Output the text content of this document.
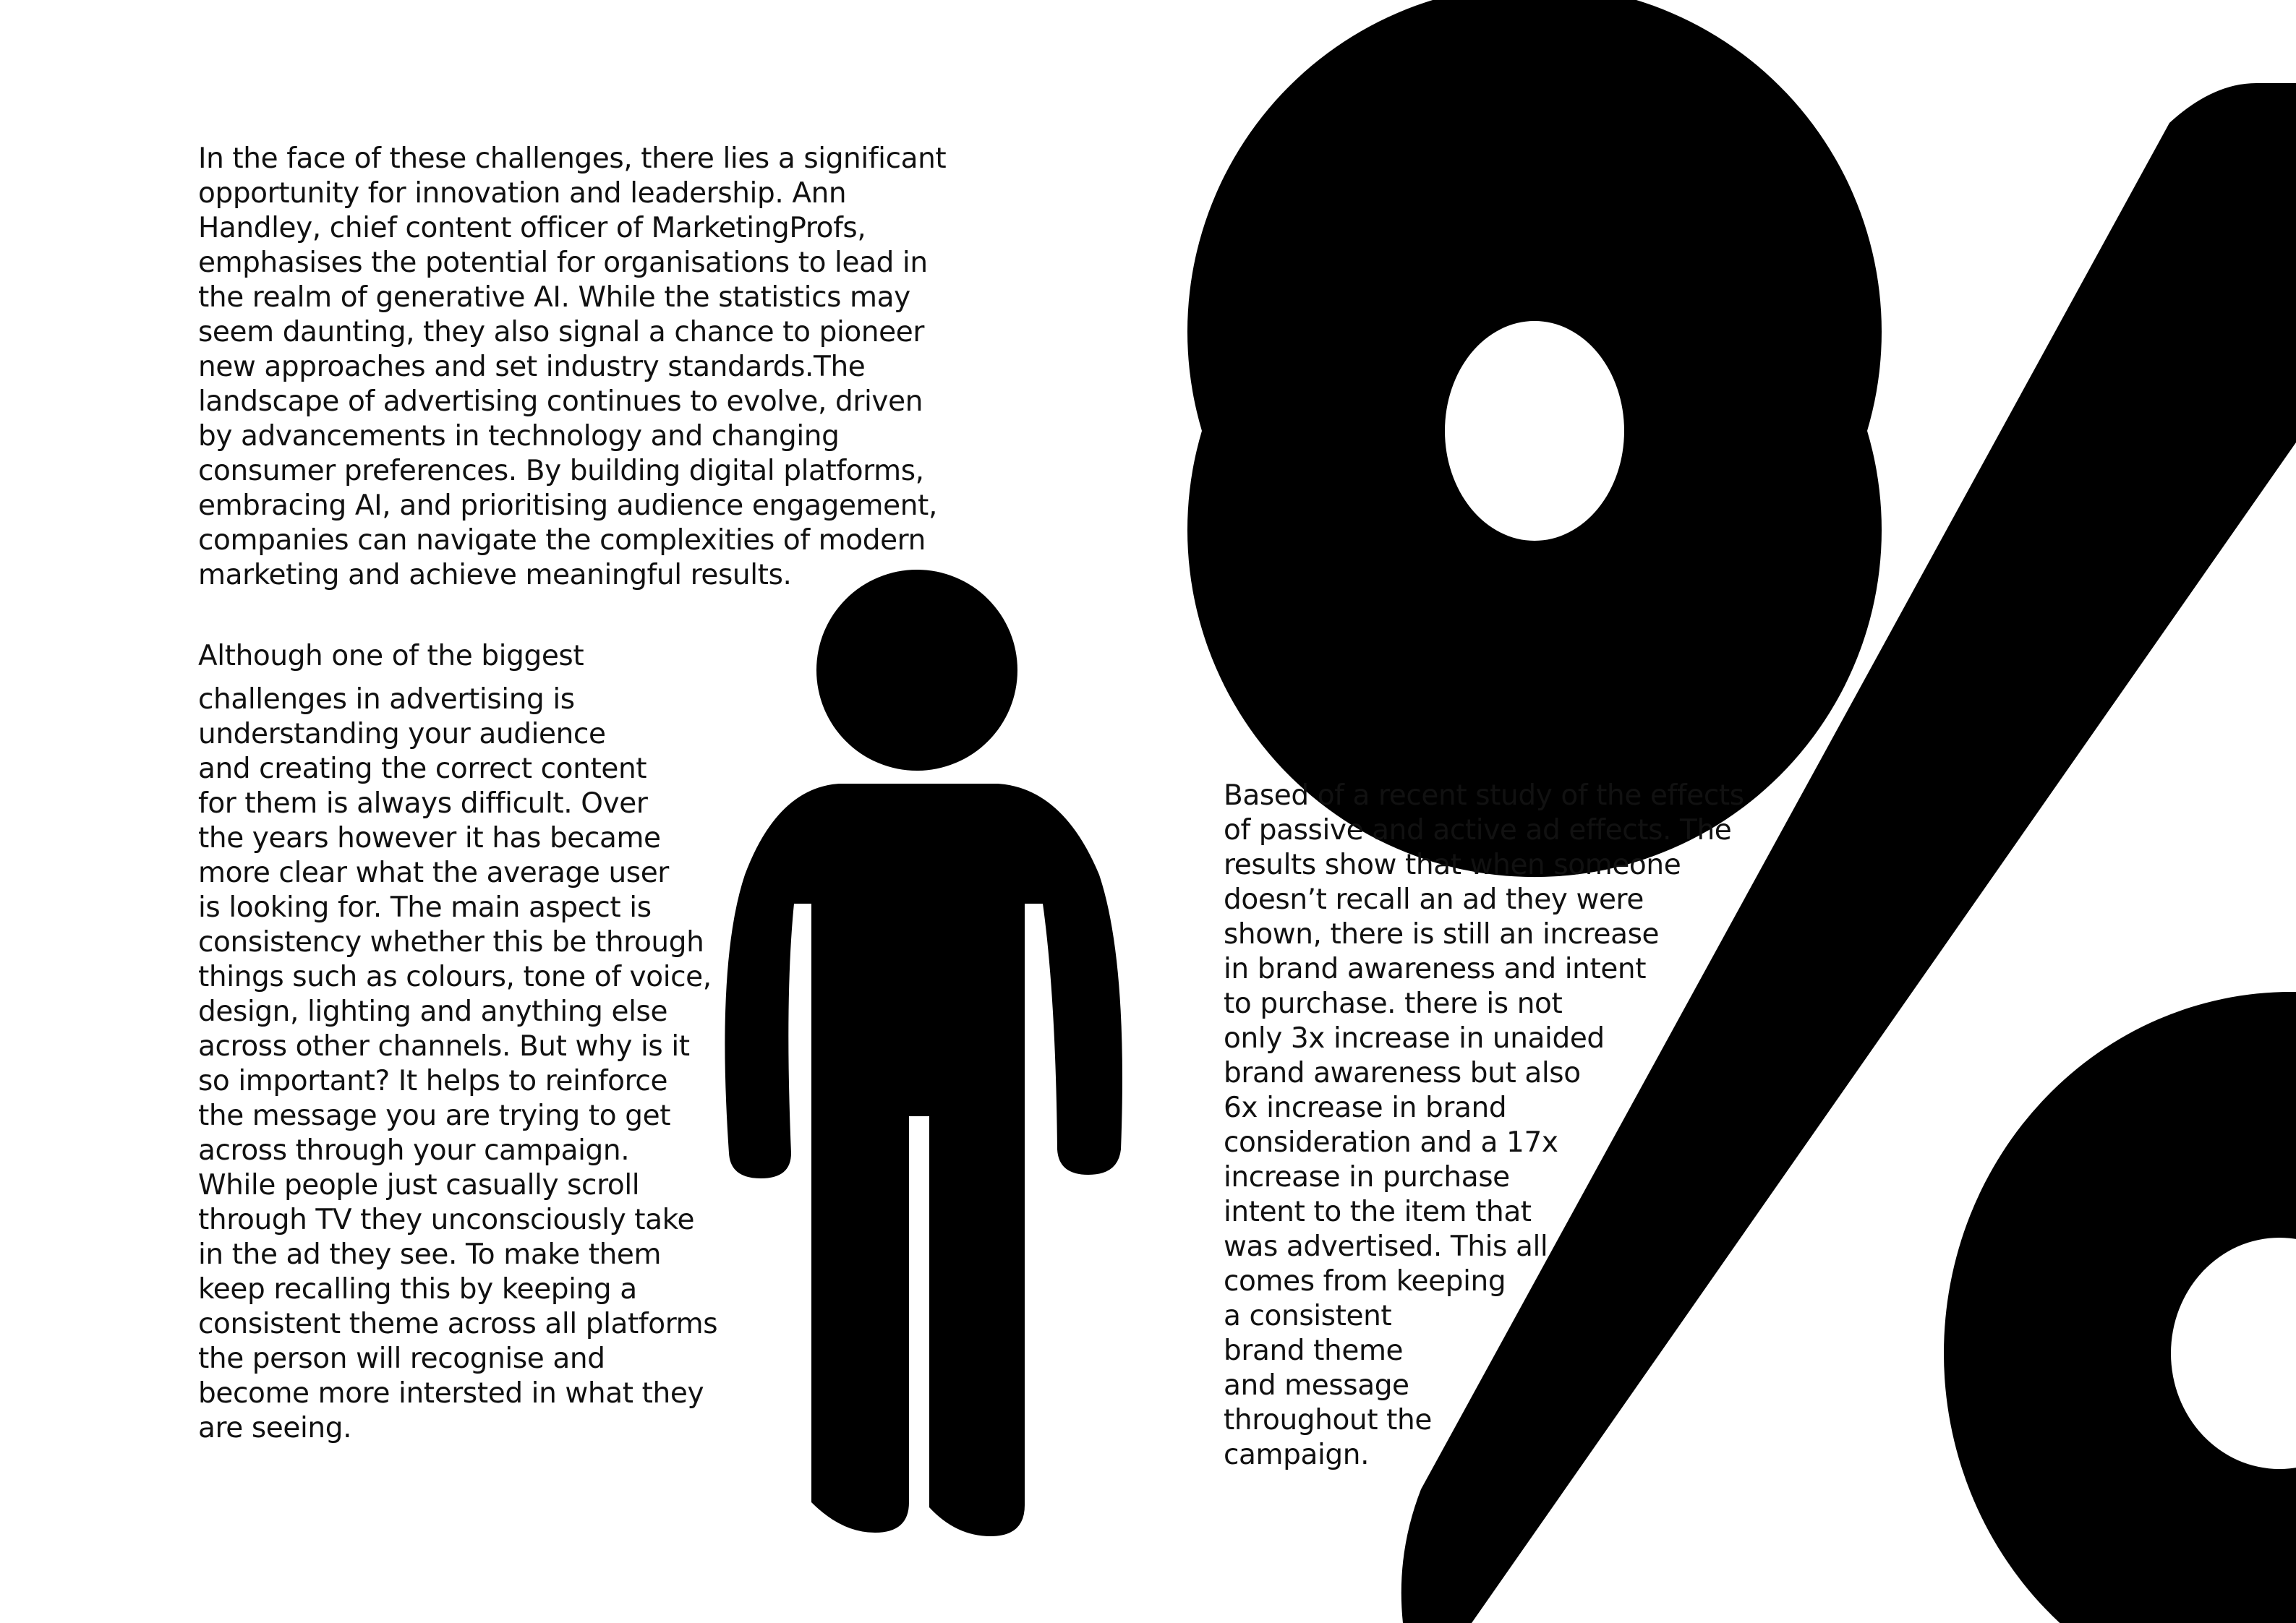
In the face of these challenges, there lies a significant
opportunity for innovation and leadership. Ann
Handley, chief content officer of MarketingProfs,
emphasises the potential for organisations to lead in
the realm of generative AI. While the statistics may
seem daunting, they also signal a chance to pioneer
new approaches and set industry standards.The
landscape of advertising continues to evolve, driven
by advancements in technology and changing
consumer preferences. By building digital platforms,
embracing AI, and prioritising audience engagement,
companies can navigate the complexities of modern
marketing and achieve meaningful results.

Although one of the biggest
challenges in advertising is
understanding your audience
and creating the correct content
for them is always difficult. Over
the years however it has became
more clear what the average user
is looking for. The main aspect is
consistency whether this be through
things such as colours, tone of voice,
design, lighting and anything else
across other channels. But why is it
so important? It helps to reinforce
the message you are trying to get
across through your campaign.
While people just casually scroll
through TV they unconsciously take
in the ad they see. To make them
keep recalling this by keeping a
consistent theme across all platforms
the person will recognise and
become more intersted in what they
are seeing.

Based of a recent study of the effects
of passive and active ad effects. The
results show that when someone
doesn’t recall an ad they were
shown, there is still an increase
in brand awareness and intent
to purchase. there is not
only 3x increase in unaided
brand awareness but also
6x increase in brand
consideration and a 17x
increase in purchase
intent to the item that
was advertised. This all
comes from keeping
a consistent
brand theme
and message
throughout the
campaign.
